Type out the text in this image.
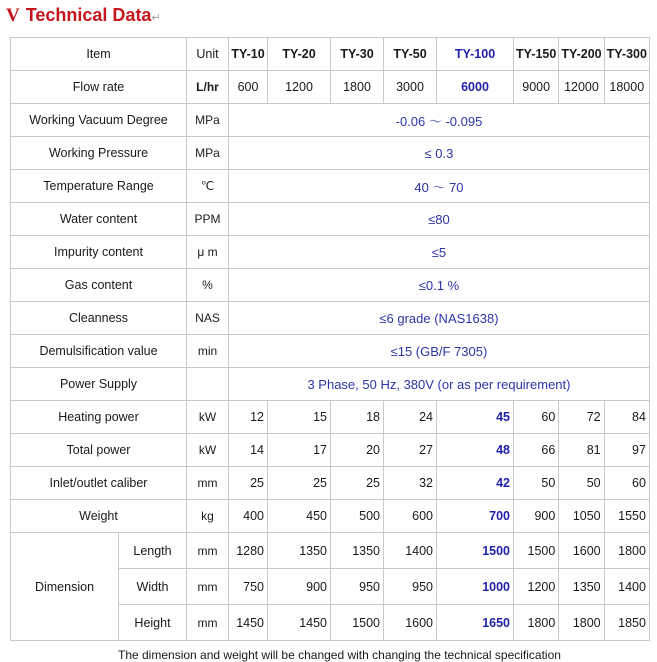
V Technical Data↵
Item		Unit	TY-10	TY-20	TY-30	TY-50	TY-100	TY-150	TY-200	TY-300
Flow rate		L/hr	600	1200	1800	3000	6000	9000	12000	18000
Working Vacuum Degree		MPa	-0.06 ～ -0.095							
Working Pressure		MPa	≤ 0.3							
Temperature Range		℃	40 ～ 70							
Water content		PPM	≤80							
Impurity content		μ m	≤5							
Gas content		%	≤0.1 %							
Cleanness		NAS	≤6 grade (NAS1638)							
Demulsification value		min	≤15 (GB/F 7305)							
Power Supply			3 Phase, 50 Hz, 380V (or as per requirement)							
Heating power		kW	12	15	18	24	45	60	72	84
Total power		kW	14	17	20	27	48	66	81	97
Inlet/outlet caliber		mm	25	25	25	32	42	50	50	60
Weight		kg	400	450	500	600	700	900	1050	1550
Dimension	Length	mm	1280	1350	1350	1400	1500	1500	1600	1800
	Width	mm	750	900	950	950	1000	1200	1350	1400
	Height	mm	1450	1450	1500	1600	1650	1800	1800	1850
The dimension and weight will be changed with changing the technical specification
